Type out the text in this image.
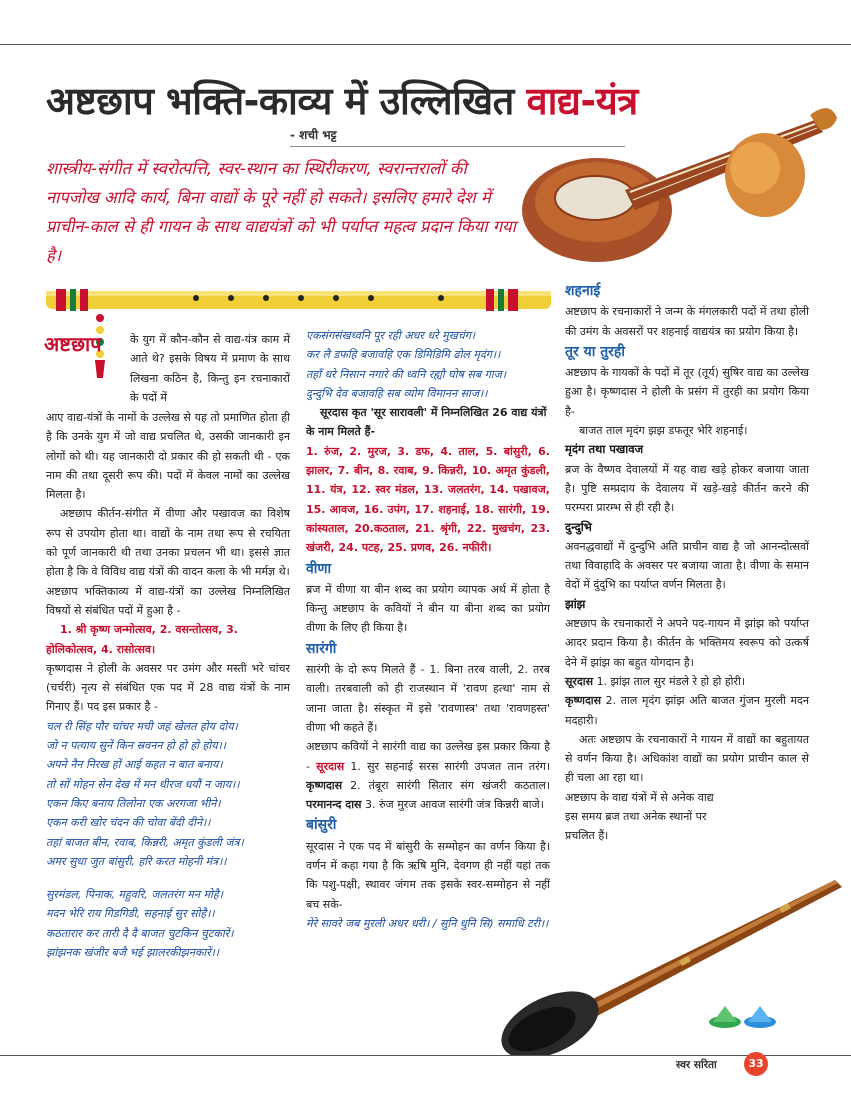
अष्टछाप भक्ति-काव्य में उल्लिखित वाद्य-यंत्र
- शची भट्ट
शास्त्रीय-संगीत में स्वरोत्पत्ति, स्वर-स्थान का स्थिरीकरण, स्वरान्तरालों की नापजोख आदि कार्य, बिना वाद्यों के पूरे नहीं हो सकते। इसलिए हमारे देश में प्राचीन-काल से ही गायन के साथ वाद्ययंत्रों को भी पर्याप्त महत्व प्रदान किया गया है।
अष्टछाप	के युग में कौन-कौन से वाद्य-यंत्र काम में आते थे? इसके विषय में प्रमाण के साथ लिखना कठिन है, किन्तु इन रचनाकारों के पदों में

आए वाद्य-यंत्रों के नामों के उल्लेख से यह तो प्रमाणित होता ही है कि उनके युग में जो वाद्य प्रचलित थे, उसकी जानकारी इन लोगों को थी। यह जानकारी दो प्रकार की हो सकती थी - एक नाम की तथा दूसरी रूप की। पदों में केवल नामों का उल्लेख मिलता है।

अष्टछाप कीर्तन-संगीत में वीणा और पखावज का विशेष रूप से उपयोग होता था। वाद्यों के नाम तथा रूप से रचयिता को पूर्ण जानकारी थी तथा उनका प्रचलन भी था। इससे ज्ञात होता है कि वे विविध वाद्य यंत्रों की वादन कला के भी मर्मज्ञ थे।

अष्टछाप भक्तिकाव्य में वाद्य-यंत्रों का उल्लेख निम्नलिखित विषयों से संबंधित पदों में हुआ है -

1. श्री कृष्ण जन्मोत्सव, 2. वसन्तोत्सव, 3. होलिकोत्सव, 4. रासोत्सव।

कृष्णदास ने होली के अवसर पर उमंग और मस्ती भरे चांचर (चर्चरी) नृत्य से संबंधित एक पद में 28 वाद्य यंत्रों के नाम गिनाए हैं। पद इस प्रकार है -

चल री सिंह पौर चांचर मची जहं खेलत होय दोय।

जो न पत्याय सुनें किन स्रवनन हो हो हो होय।।

अपने नैन निरख हों आई कहत न बात बनाय।

तो सों मोहन सेन देख में मन धीरज धयौं न जाय।।

एकन किए बनाय तिलोना एक अरगजा भीने।

एकन करी खोर चंदन की चोवा बेंदी दीने।।

तहां बाजत बीन, रवाब, किन्नरी, अमृत कुंडली जंत्र।

अमर सुधा जुत बांसुरी, हरि करत मोहनी मंत्र।।

सुरमंडल, पिनाक, महुवरि, जलतरंग मन मोहै।

मदन भेरि राय गिडगिडी, सहनाई सुर सोहै।।

कठतारार कर तारी दै दै बाजत चुटकिन चुटकारें।

झांझनक खंजीर बजै भई झालरकीझनकारें।।

एकसंगसंखध्वनि पूर रही अधर धरे मुखचंग।

कर लै डफहि बजावहि एक डिमिडिमि ढोल मृदंग।।

तहाँ धरे निसान नगारे की ध्वनि रह्यौ घोष सब गाज।

दुन्दुभि देव बजावहि सब व्योम विमानन साज।।

सूरदास कृत 'सूर सारावली' में निम्नलिखित 26 वाद्य यंत्रों के नाम मिलते हैं-

1. रुंज, 2. मुरज, 3. डफ, 4. ताल, 5. बांसुरी, 6. झालर, 7. बीन, 8. रवाब, 9. किन्नरी, 10. अमृत कुंडली, 11. यंत्र, 12. स्वर मंडल, 13. जलतरंग, 14. पखावज, 15. आवज, 16. उपंग, 17. शहनाई, 18. सारंगी, 19. कांस्यताल, 20.कठताल, 21. श्रृंगी, 22. मुखचंग, 23. खंजरी, 24. पटह, 25. प्रणव, 26. नफीरी।

वीणा

ब्रज में वीणा या बीन शब्द का प्रयोग व्यापक अर्थ में होता है किन्तु अष्टछाप के कवियों ने बीन या बीना शब्द का प्रयोग वीणा के लिए ही किया है।

सारंगी

सारंगी के दो रूप मिलते हैं - 1. बिना तरब वाली, 2. तरब वाली। तरबवाली को ही राजस्थान में 'रावण हत्था' नाम से जाना जाता है। संस्कृत में इसे 'रावणास्त्र' तथा 'रावणहस्त' वीणा भी कहते हैं।

अष्टछाप कवियों ने सारंगी वाद्य का उल्लेख इस प्रकार किया है - सूरदास 1. सुर सहनाई सरस सारंगी उपजत तान तरंग। कृष्णदास 2. तंबूरा सारंगी सितार संग खंजरी कठताल। परमानन्द दास 3. रुंज मुरज आवज सारंगी जंत्र किन्नरी बाजे।

बांसुरी

सूरदास ने एक पद में बांसुरी के सम्मोहन का वर्णन किया है। वर्णन में कहा गया है कि ऋषि मुनि, देवगण ही नहीं यहां तक कि पशु-पक्षी, स्थावर जंगम तक इसके स्वर-सम्मोहन से नहीं बच सके-

मेरे सावरे जब मुरली अधर धरी। / सुनि धुनि सि) समाधि टरी।।

शहनाई

अष्टछाप के रचनाकारों ने जन्म के मंगलकारी पदों में तथा होली की उमंग के अवसरों पर शहनाई वाद्ययंत्र का प्रयोग किया है।

तूर या तुरही

अष्टछाप के गायकों के पदों में तूर (तूर्य) सुषिर वाद्य का उल्लेख हुआ है। कृष्णदास ने होली के प्रसंग में तुरही का प्रयोग किया है-

बाजत ताल मृदंग झझ डफतूर भेरि शहनाई।

मृदंग तथा पखावज

ब्रज के वैष्णव देवालयों में यह वाद्य खड़े होकर बजाया जाता है। पुष्टि सम्प्रदाय के देवालय में खड़े-खड़े कीर्तन करने की परम्परा प्रारम्भ से ही रही है।

दुन्दुभि

अवनद्धवाद्यों में दुन्दुभि अति प्राचीन वाद्य है जो आनन्दोत्सवों तथा विवाहादि के अवसर पर बजाया जाता है। वीणा के समान वेदों में दुंदुभि का पर्याप्त वर्णन मिलता है।

झांझ

अष्टछाप के रचनाकारों ने अपने पद-गायन में झांझ को पर्याप्त आदर प्रदान किया है। कीर्तन के भक्तिमय स्वरूप को उत्कर्ष देने में झांझ का बहुत योगदान है।

सूरदास 1. झांझ ताल सुर मंडले रे हो हो होरी।

कृष्णदास 2. ताल मृदंग झांझ अति बाजत गुंजन मुरली मदन मदहारी।

अतः अष्टछाप के रचनाकारों ने गायन में वाद्यों का बहुतायत से वर्णन किया है। अधिकांश वाद्यों का प्रयोग प्राचीन काल से ही चला आ रहा था।

अष्टछाप के वाद्य यंत्रों में से अनेक वाद्य इस समय ब्रज तथा अनेक स्थानों पर प्रचलित हैं।

स्वर सरिता	33
